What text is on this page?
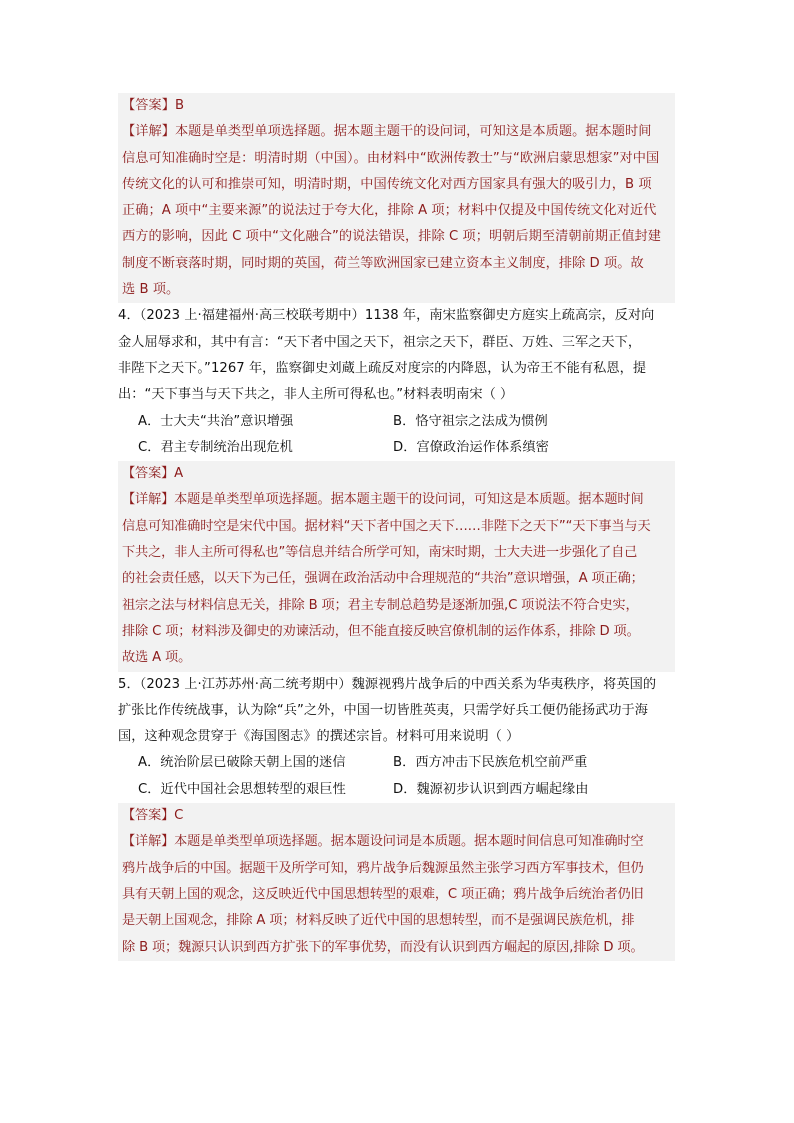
【答案】B
【详解】本题是单类型单项选择题。据本题主题干的设问词，可知这是本质题。据本题时间
信息可知准确时空是：明清时期（中国）。由材料中“欧洲传教士”与“欧洲启蒙思想家”对中国
传统文化的认可和推崇可知，明清时期，中国传统文化对西方国家具有强大的吸引力，B 项
正确；A 项中“主要来源”的说法过于夸大化，排除 A 项；材料中仅提及中国传统文化对近代
西方的影响，因此 C 项中“文化融合”的说法错误，排除 C 项；明朝后期至清朝前期正值封建
制度不断衰落时期，同时期的英国，荷兰等欧洲国家已建立资本主义制度，排除 D 项。故
选 B 项。
4．（2023 上·福建福州·高三校联考期中）1138 年，南宋监察御史方庭实上疏高宗，反对向
金人屈辱求和，其中有言：“天下者中国之天下，祖宗之天下，群臣、万姓、三军之天下，
非陛下之天下。”1267 年，监察御史刘蔵上疏反对度宗的内降恩，认为帝王不能有私恩，提
出：“天下事当与天下共之，非人主所可得私也。”材料表明南宋（ ）
A．士大夫“共治”意识增强	B．恪守祖宗之法成为惯例
C．君主专制统治出现危机	D．宫僚政治运作体系缜密
【答案】A
【详解】本题是单类型单项选择题。据本题主题干的设问词，可知这是本质题。据本题时间
信息可知准确时空是宋代中国。据材料“天下者中国之天下……非陛下之天下”“天下事当与天
下共之，非人主所可得私也”等信息并结合所学可知，南宋时期，士大夫进一步强化了自己
的社会责任感，以天下为己任，强调在政治活动中合理规范的“共治”意识增强，A 项正确；
祖宗之法与材料信息无关，排除 B 项；君主专制总趋势是逐渐加强,C 项说法不符合史实，
排除 C 项；材料涉及御史的劝谏活动，但不能直接反映宫僚机制的运作体系，排除 D 项。
故选 A 项。
5．（2023 上·江苏苏州·高二统考期中）魏源视鸦片战争后的中西关系为华夷秩序，将英国的
扩张比作传统战事，认为除“兵”之外，中国一切皆胜英夷，只需学好兵工便仍能扬武功于海
国，这种观念贯穿于《海国图志》的撰述宗旨。材料可用来说明（ ）
A．统治阶层已破除天朝上国的迷信	B．西方冲击下民族危机空前严重
C．近代中国社会思想转型的艰巨性	D．魏源初步认识到西方崛起缘由
【答案】C
【详解】本题是单类型单项选择题。据本题设问词是本质题。据本题时间信息可知准确时空
鸦片战争后的中国。据题干及所学可知，鸦片战争后魏源虽然主张学习西方军事技术，但仍
具有天朝上国的观念，这反映近代中国思想转型的艰难，C 项正确；鸦片战争后统治者仍旧
是天朝上国观念，排除 A 项；材料反映了近代中国的思想转型，而不是强调民族危机，排
除 B 项；魏源只认识到西方扩张下的军事优势，而没有认识到西方崛起的原因,排除 D 项。
